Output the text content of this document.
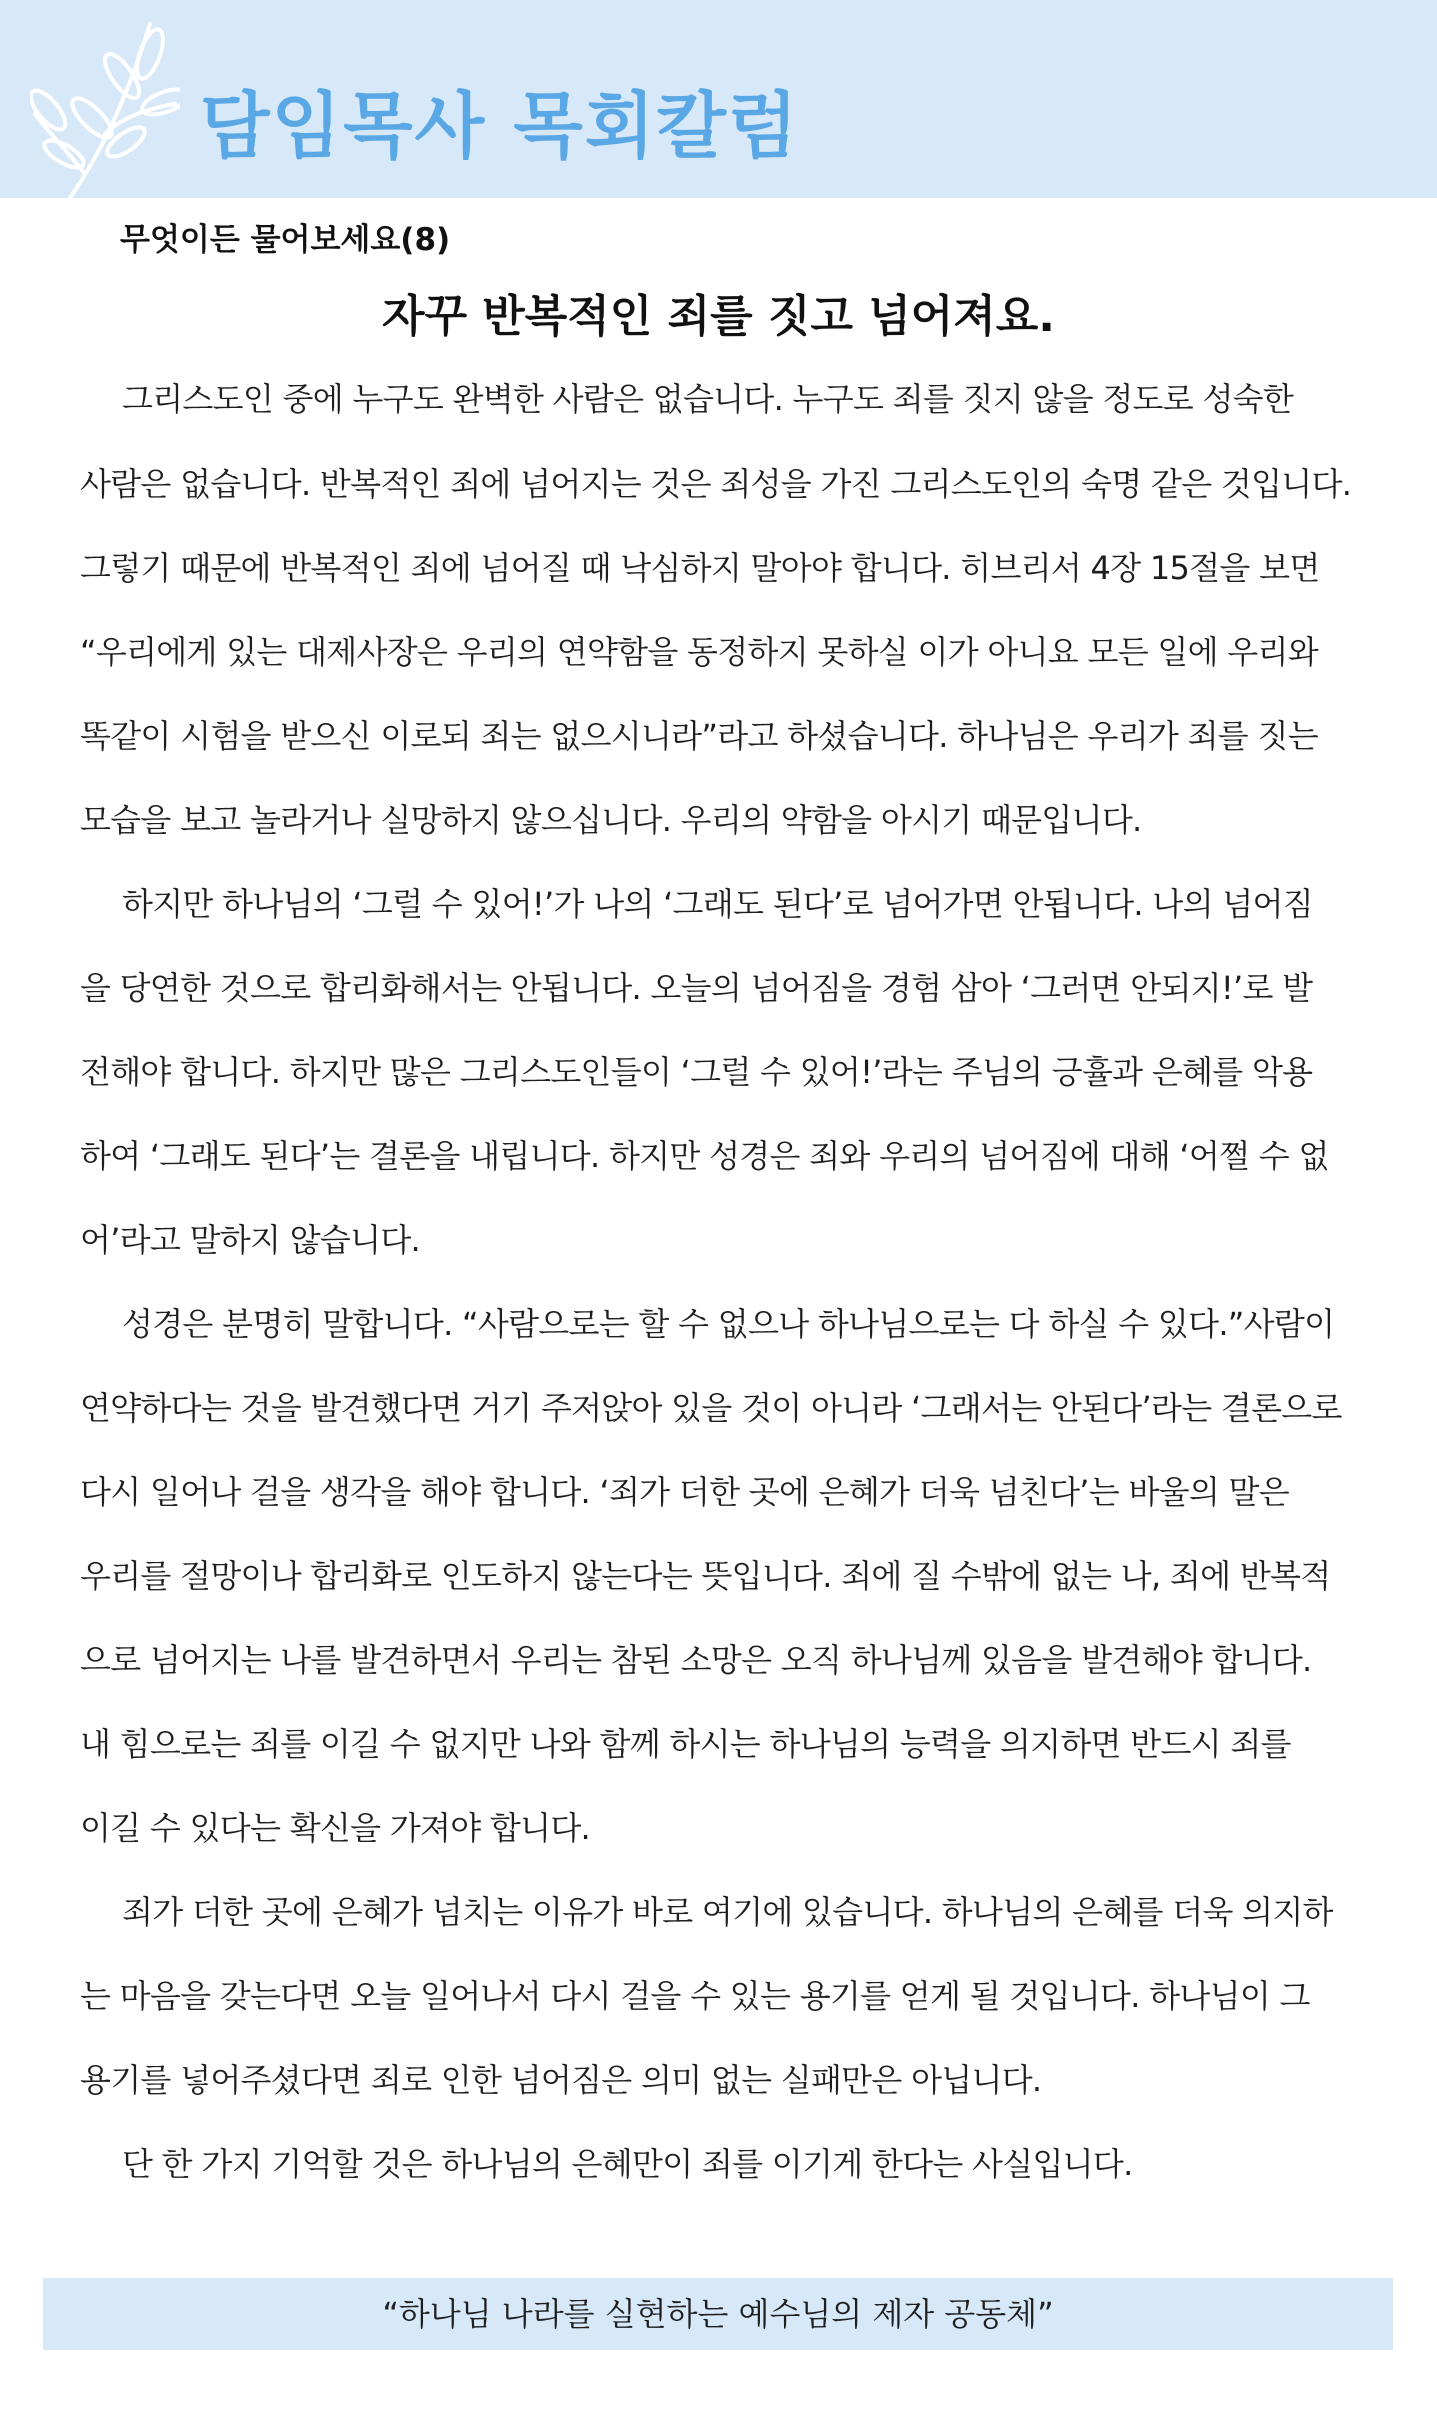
담임목사 목회칼럼
무엇이든 물어보세요(8)
자꾸 반복적인 죄를 짓고 넘어져요.
그리스도인 중에 누구도 완벽한 사람은 없습니다. 누구도 죄를 짓지 않을 정도로 성숙한
사람은 없습니다. 반복적인 죄에 넘어지는 것은 죄성을 가진 그리스도인의 숙명 같은 것입니다.
그렇기 때문에 반복적인 죄에 넘어질 때 낙심하지 말아야 합니다. 히브리서 4장 15절을 보면
“우리에게 있는 대제사장은 우리의 연약함을 동정하지 못하실 이가 아니요 모든 일에 우리와
똑같이 시험을 받으신 이로되 죄는 없으시니라”라고 하셨습니다. 하나님은 우리가 죄를 짓는
모습을 보고 놀라거나 실망하지 않으십니다. 우리의 약함을 아시기 때문입니다.
하지만 하나님의 ‘그럴 수 있어!’가 나의 ‘그래도 된다’로 넘어가면 안됩니다. 나의 넘어짐
을 당연한 것으로 합리화해서는 안됩니다. 오늘의 넘어짐을 경험 삼아 ‘그러면 안되지!’로 발
전해야 합니다. 하지만 많은 그리스도인들이 ‘그럴 수 있어!’라는 주님의 긍휼과 은혜를 악용
하여 ‘그래도 된다’는 결론을 내립니다. 하지만 성경은 죄와 우리의 넘어짐에 대해 ‘어쩔 수 없
어’라고 말하지 않습니다.
성경은 분명히 말합니다. “사람으로는 할 수 없으나 하나님으로는 다 하실 수 있다.”사람이
연약하다는 것을 발견했다면 거기 주저앉아 있을 것이 아니라 ‘그래서는 안된다’라는 결론으로
다시 일어나 걸을 생각을 해야 합니다. ‘죄가 더한 곳에 은혜가 더욱 넘친다’는 바울의 말은
우리를 절망이나 합리화로 인도하지 않는다는 뜻입니다. 죄에 질 수밖에 없는 나, 죄에 반복적
으로 넘어지는 나를 발견하면서 우리는 참된 소망은 오직 하나님께 있음을 발견해야 합니다.
내 힘으로는 죄를 이길 수 없지만 나와 함께 하시는 하나님의 능력을 의지하면 반드시 죄를
이길 수 있다는 확신을 가져야 합니다.
죄가 더한 곳에 은혜가 넘치는 이유가 바로 여기에 있습니다. 하나님의 은혜를 더욱 의지하
는 마음을 갖는다면 오늘 일어나서 다시 걸을 수 있는 용기를 얻게 될 것입니다. 하나님이 그
용기를 넣어주셨다면 죄로 인한 넘어짐은 의미 없는 실패만은 아닙니다.
단 한 가지 기억할 것은 하나님의 은혜만이 죄를 이기게 한다는 사실입니다.
“하나님 나라를 실현하는 예수님의 제자 공동체”
